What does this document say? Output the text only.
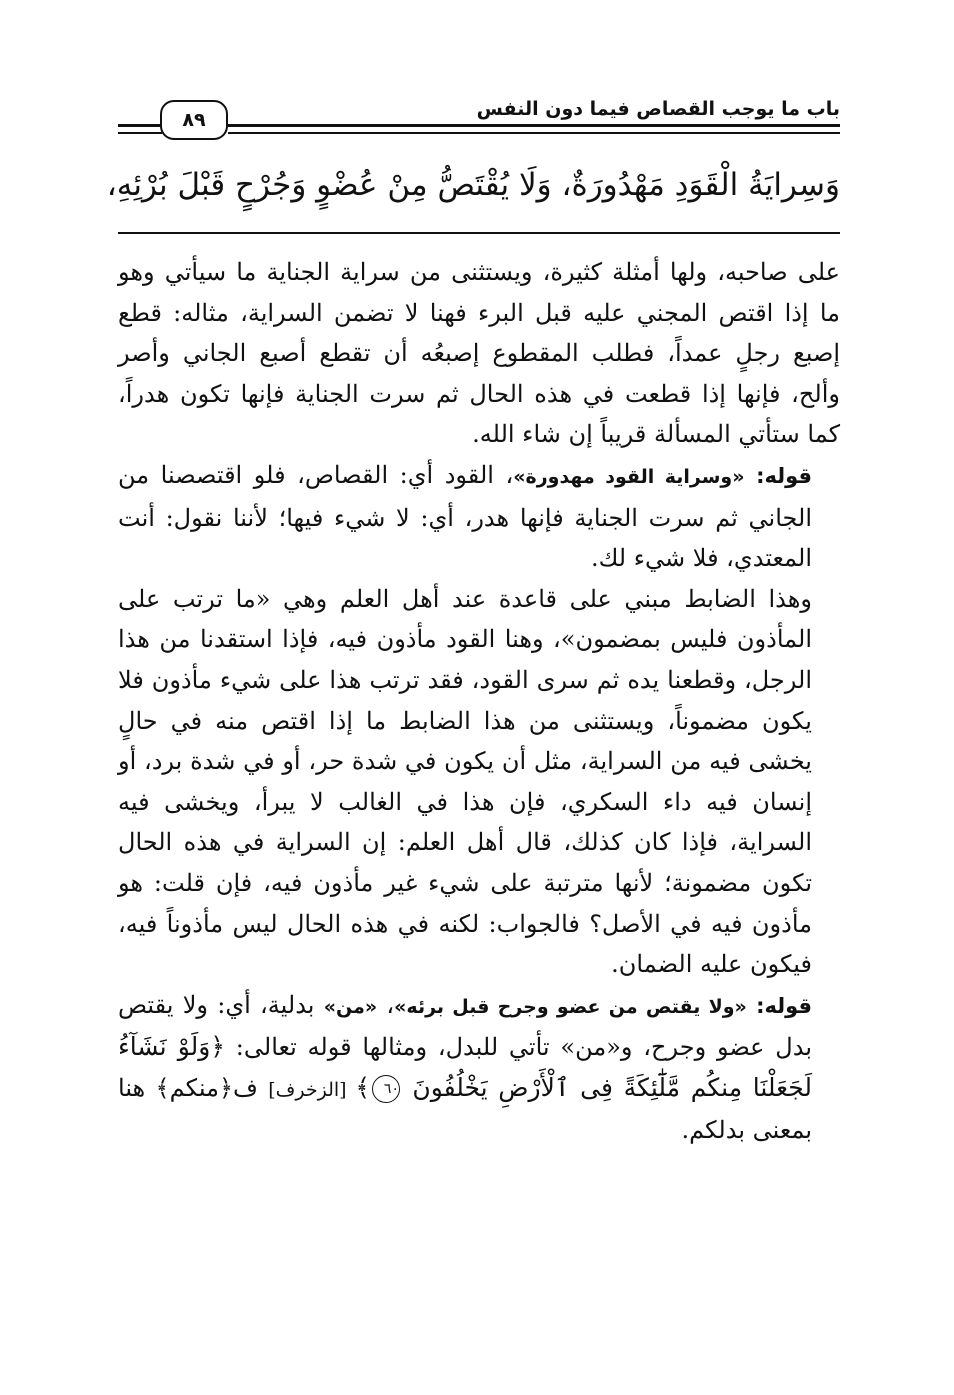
باب ما يوجب القصاص فيما دون النفس
٨٩
وَسِرايَةُ الْقَوَدِ مَهْدُورَةٌ، وَلَا يُقْتَصُّ مِنْ عُضْوٍ وَجُرْحٍ قَبْلَ بُرْئِهِ،

على صاحبه، ولها أمثلة كثيرة، ويستثنى من سراية الجناية ما سيأتي وهو ما إذا اقتص المجني عليه قبل البرء فهنا لا تضمن السراية، مثاله: قطع إصبع رجلٍ عمداً، فطلب المقطوع إصبعُه أن تقطع أصبع الجاني وأصر وألح، فإنها إذا قطعت في هذه الحال ثم سرت الجناية فإنها تكون هدراً، كما ستأتي المسألة قريباً إن شاء الله.

قوله: «وسراية القود مهدورة»، القود أي: القصاص، فلو اقتصصنا من الجاني ثم سرت الجناية فإنها هدر، أي: لا شيء فيها؛ لأننا نقول: أنت المعتدي، فلا شيء لك.

وهذا الضابط مبني على قاعدة عند أهل العلم وهي «ما ترتب على المأذون فليس بمضمون»، وهنا القود مأذون فيه، فإذا استقدنا من هذا الرجل، وقطعنا يده ثم سرى القود، فقد ترتب هذا على شيء مأذون فلا يكون مضموناً، ويستثنى من هذا الضابط ما إذا اقتص منه في حالٍ يخشى فيه من السراية، مثل أن يكون في شدة حر، أو في شدة برد، أو إنسان فيه داء السكري، فإن هذا في الغالب لا يبرأ، ويخشى فيه السراية، فإذا كان كذلك، قال أهل العلم: إن السراية في هذه الحال تكون مضمونة؛ لأنها مترتبة على شيء غير مأذون فيه، فإن قلت: هو مأذون فيه في الأصل؟ فالجواب: لكنه في هذه الحال ليس مأذوناً فيه، فيكون عليه الضمان.

قوله: «ولا يقتص من عضو وجرح قبل برئه»، «من» بدلية، أي: ولا يقتص بدل عضو وجرح، و«من» تأتي للبدل، ومثالها قوله تعالى: ﴿وَلَوْ نَشَآءُ لَجَعَلْنَا مِنكُم مَّلَٰٓئِكَةً فِى ٱلْأَرْضِ يَخْلُفُونَ ٦٠﴾ [الزخرف] ف﴿منكم﴾ هنا بمعنى بدلكم.
